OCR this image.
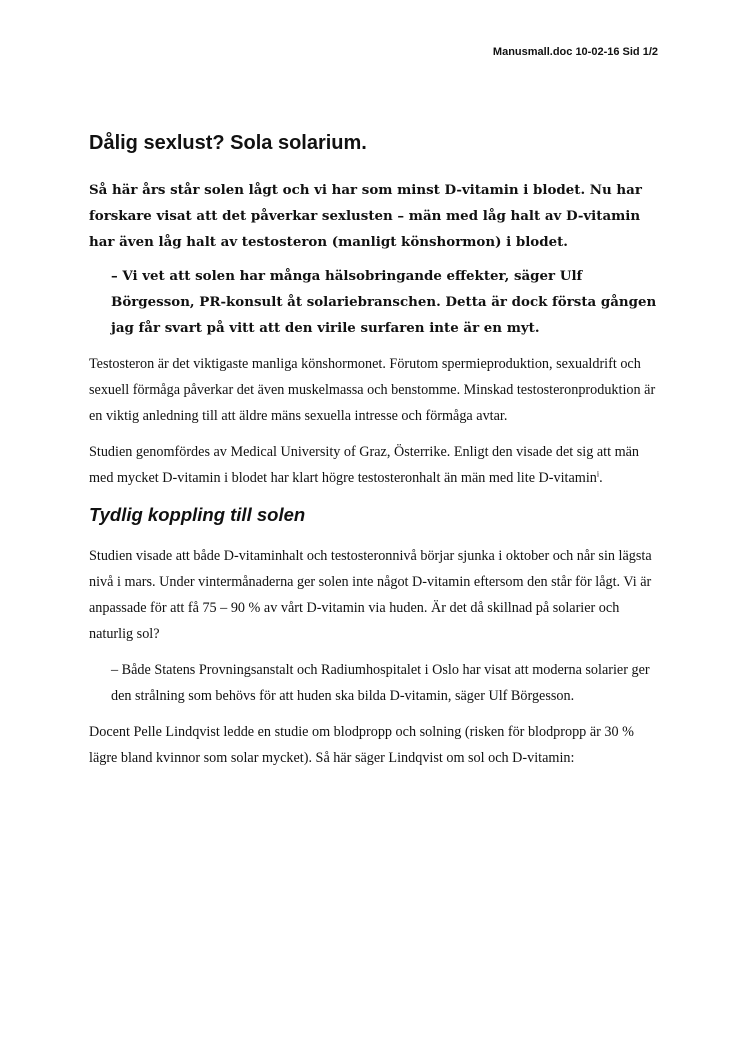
Manusmall.doc 10-02-16 Sid 1/2
Dålig sexlust? Sola solarium.

Så här års står solen lågt och vi har som minst D-vitamin i blodet. Nu har forskare visat att det påverkar sexlusten – män med låg halt av D-vitamin har även låg halt av testosteron (manligt könshormon) i blodet.

– Vi vet att solen har många hälsobringande effekter, säger Ulf Börgesson, PR-konsult åt solariebranschen. Detta är dock första gången jag får svart på vitt att den virile surfaren inte är en myt.

Testosteron är det viktigaste manliga könshormonet. Förutom spermieproduktion, sexualdrift och sexuell förmåga påverkar det även muskelmassa och benstomme. Minskad testosteronproduktion är en viktig anledning till att äldre mäns sexuella intresse och förmåga avtar.

Studien genomfördes av Medical University of Graz, Österrike. Enligt den visade det sig att män med mycket D-vitamin i blodet har klart högre testosteronhalt än män med lite D-vitamin$^i$.

Tydlig koppling till solen

Studien visade att både D-vitaminhalt och testosteronnivå börjar sjunka i oktober och når sin lägsta nivå i mars. Under vintermånaderna ger solen inte något D-vitamin eftersom den står för lågt. Vi är anpassade för att få 75 – 90 % av vårt D-vitamin via huden. Är det då skillnad på solarier och naturlig sol?

– Både Statens Provningsanstalt och Radiumhospitalet i Oslo har visat att moderna solarier ger den strålning som behövs för att huden ska bilda D-vitamin, säger Ulf Börgesson.

Docent Pelle Lindqvist ledde en studie om blodpropp och solning (risken för blodpropp är 30 % lägre bland kvinnor som solar mycket). Så här säger Lindqvist om sol och D-vitamin:
